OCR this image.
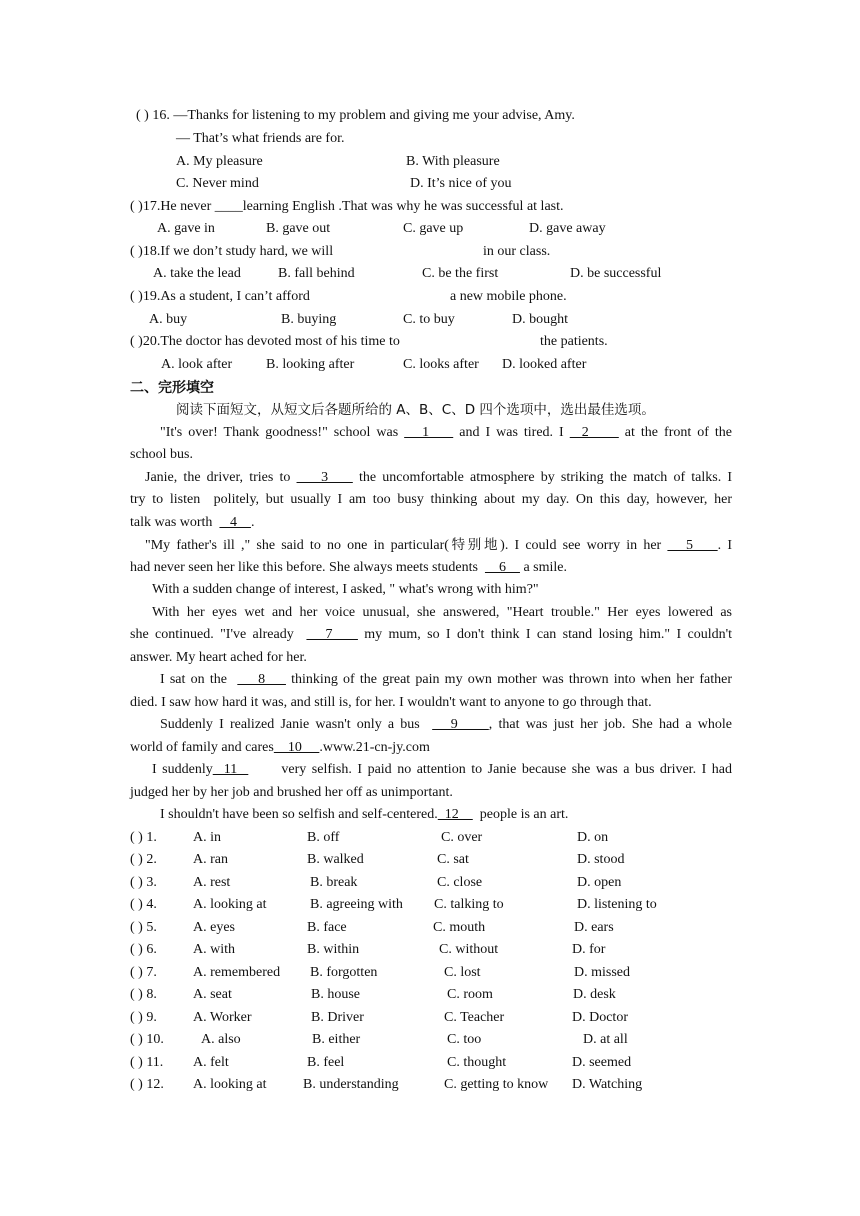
( ) 16. —Thanks for listening to my problem and giving me your advise, Amy.
— That’s what friends are for.
A. My pleasure	B. With pleasure
C. Never mind	D. It’s nice of you
( )17.He never ____learning English .That was why he was successful at last.
A. gave in	B. gave out	C. gave up	D. gave away
( )18.If we don’t study hard, we will	in our class.
A. take the lead	B. fall behind	C. be the first	D. be successful
( )19.As a student, I can’t afford	a new mobile phone.
A. buy	B. buying	C. to buy	D. bought
( )20.The doctor has devoted most of his time to	the patients.
A. look after B. looking after	C. looks after D. looked after
二、完形填空
阅读下面短文，从短文后各题所给的 A、B、C、D 四个选项中，选出最佳选项。
"It's over! Thank goodness!" school was    1     and I was tired. I   2      at the front of the
school bus.
Janie, the driver, tries to     3     the uncomfortable atmosphere by striking the match of talks. I
try to listen  politely, but usually I am too busy thinking about my day. On this day, however, her
talk was worth     4    .
"My father's ill ," she said to no one in particular(特别地). I could see worry in her    5    . I
had never seen her like this before. She always meets students      6     a smile.
With a sudden change of interest, I asked, " what's wrong with him?"
With her eyes wet and her voice unusual, she answered, "Heart trouble." Her eyes lowered as
she continued. "I've already     7     my mum, so I don't think I can stand losing him." I couldn't
answer. My heart ached for her.
I sat on the      8     thinking of the great pain my own mother was thrown into when her father
died. I saw how hard it was, and still is, for her. I wouldn't want to anyone to go through that.
Suddenly I realized Janie wasn't only a bus     9     , that was just her job. She had a whole
world of family and cares    10     .www.21-cn-jy.com
I suddenly  11        very selfish. I paid no attention to Janie because she was a bus driver. I had
judged her by her job and brushed her off as unimportant.
I shouldn't have been so selfish and self-centered.  12      people is an art.
( ) 1.	A. in	B. off	C. over	D. on
( ) 2.	A. ran	B. walked	C. sat	D. stood
( ) 3.	A. rest	B. break	C. close	D. open
( ) 4.	A. looking at	B. agreeing with C. talking to	D. listening to
( ) 5.	A. eyes	B. face	C. mouth	D. ears
( ) 6.	A. with	B. within	C. without	D. for
( ) 7.	A. remembered B. forgotten	C. lost	D. missed
( ) 8.	A. seat	B. house	C. room	D. desk
( ) 9.	A. Worker	B. Driver	C. Teacher	D. Doctor
( ) 10.	A. also	B. either	C. too	D. at all
( ) 11. A. felt	B. feel	C. thought	D. seemed
( ) 12. A. looking at	B. understanding	C. getting to know D. Watching
